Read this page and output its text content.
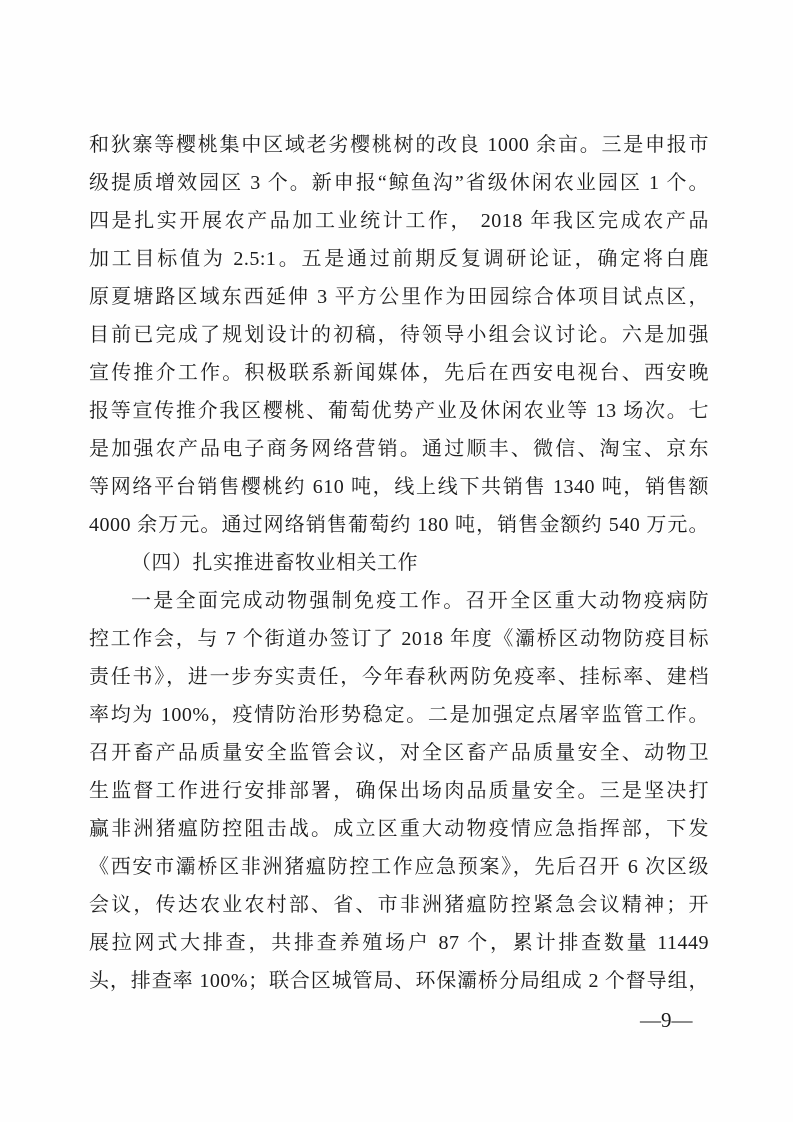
和狄寨等樱桃集中区域老劣樱桃树的改良 1000 余亩。三是申报市
级提质增效园区 3 个。新申报“鲸鱼沟”省级休闲农业园区 1 个。
四是扎实开展农产品加工业统计工作， 2018 年我区完成农产品
加工目标值为 2.5:1。五是通过前期反复调研论证，确定将白鹿
原夏塘路区域东西延伸 3 平方公里作为田园综合体项目试点区，
目前已完成了规划设计的初稿，待领导小组会议讨论。六是加强
宣传推介工作。积极联系新闻媒体，先后在西安电视台、西安晚
报等宣传推介我区樱桃、葡萄优势产业及休闲农业等 13 场次。七
是加强农产品电子商务网络营销。通过顺丰、微信、淘宝、京东
等网络平台销售樱桃约 610 吨，线上线下共销售 1340 吨，销售额
4000 余万元。通过网络销售葡萄约 180 吨，销售金额约 540 万元。
（四）扎实推进畜牧业相关工作
一是全面完成动物强制免疫工作。召开全区重大动物疫病防
控工作会，与 7 个街道办签订了 2018 年度《灞桥区动物防疫目标
责任书》，进一步夯实责任，今年春秋两防免疫率、挂标率、建档
率均为 100%，疫情防治形势稳定。二是加强定点屠宰监管工作。
召开畜产品质量安全监管会议，对全区畜产品质量安全、动物卫
生监督工作进行安排部署，确保出场肉品质量安全。三是坚决打
赢非洲猪瘟防控阻击战。成立区重大动物疫情应急指挥部，下发
《西安市灞桥区非洲猪瘟防控工作应急预案》，先后召开 6 次区级
会议，传达农业农村部、省、市非洲猪瘟防控紧急会议精神；开
展拉网式大排查，共排查养殖场户 87 个，累计排查数量 11449
头，排查率 100%；联合区城管局、环保灞桥分局组成 2 个督导组，
—9—
